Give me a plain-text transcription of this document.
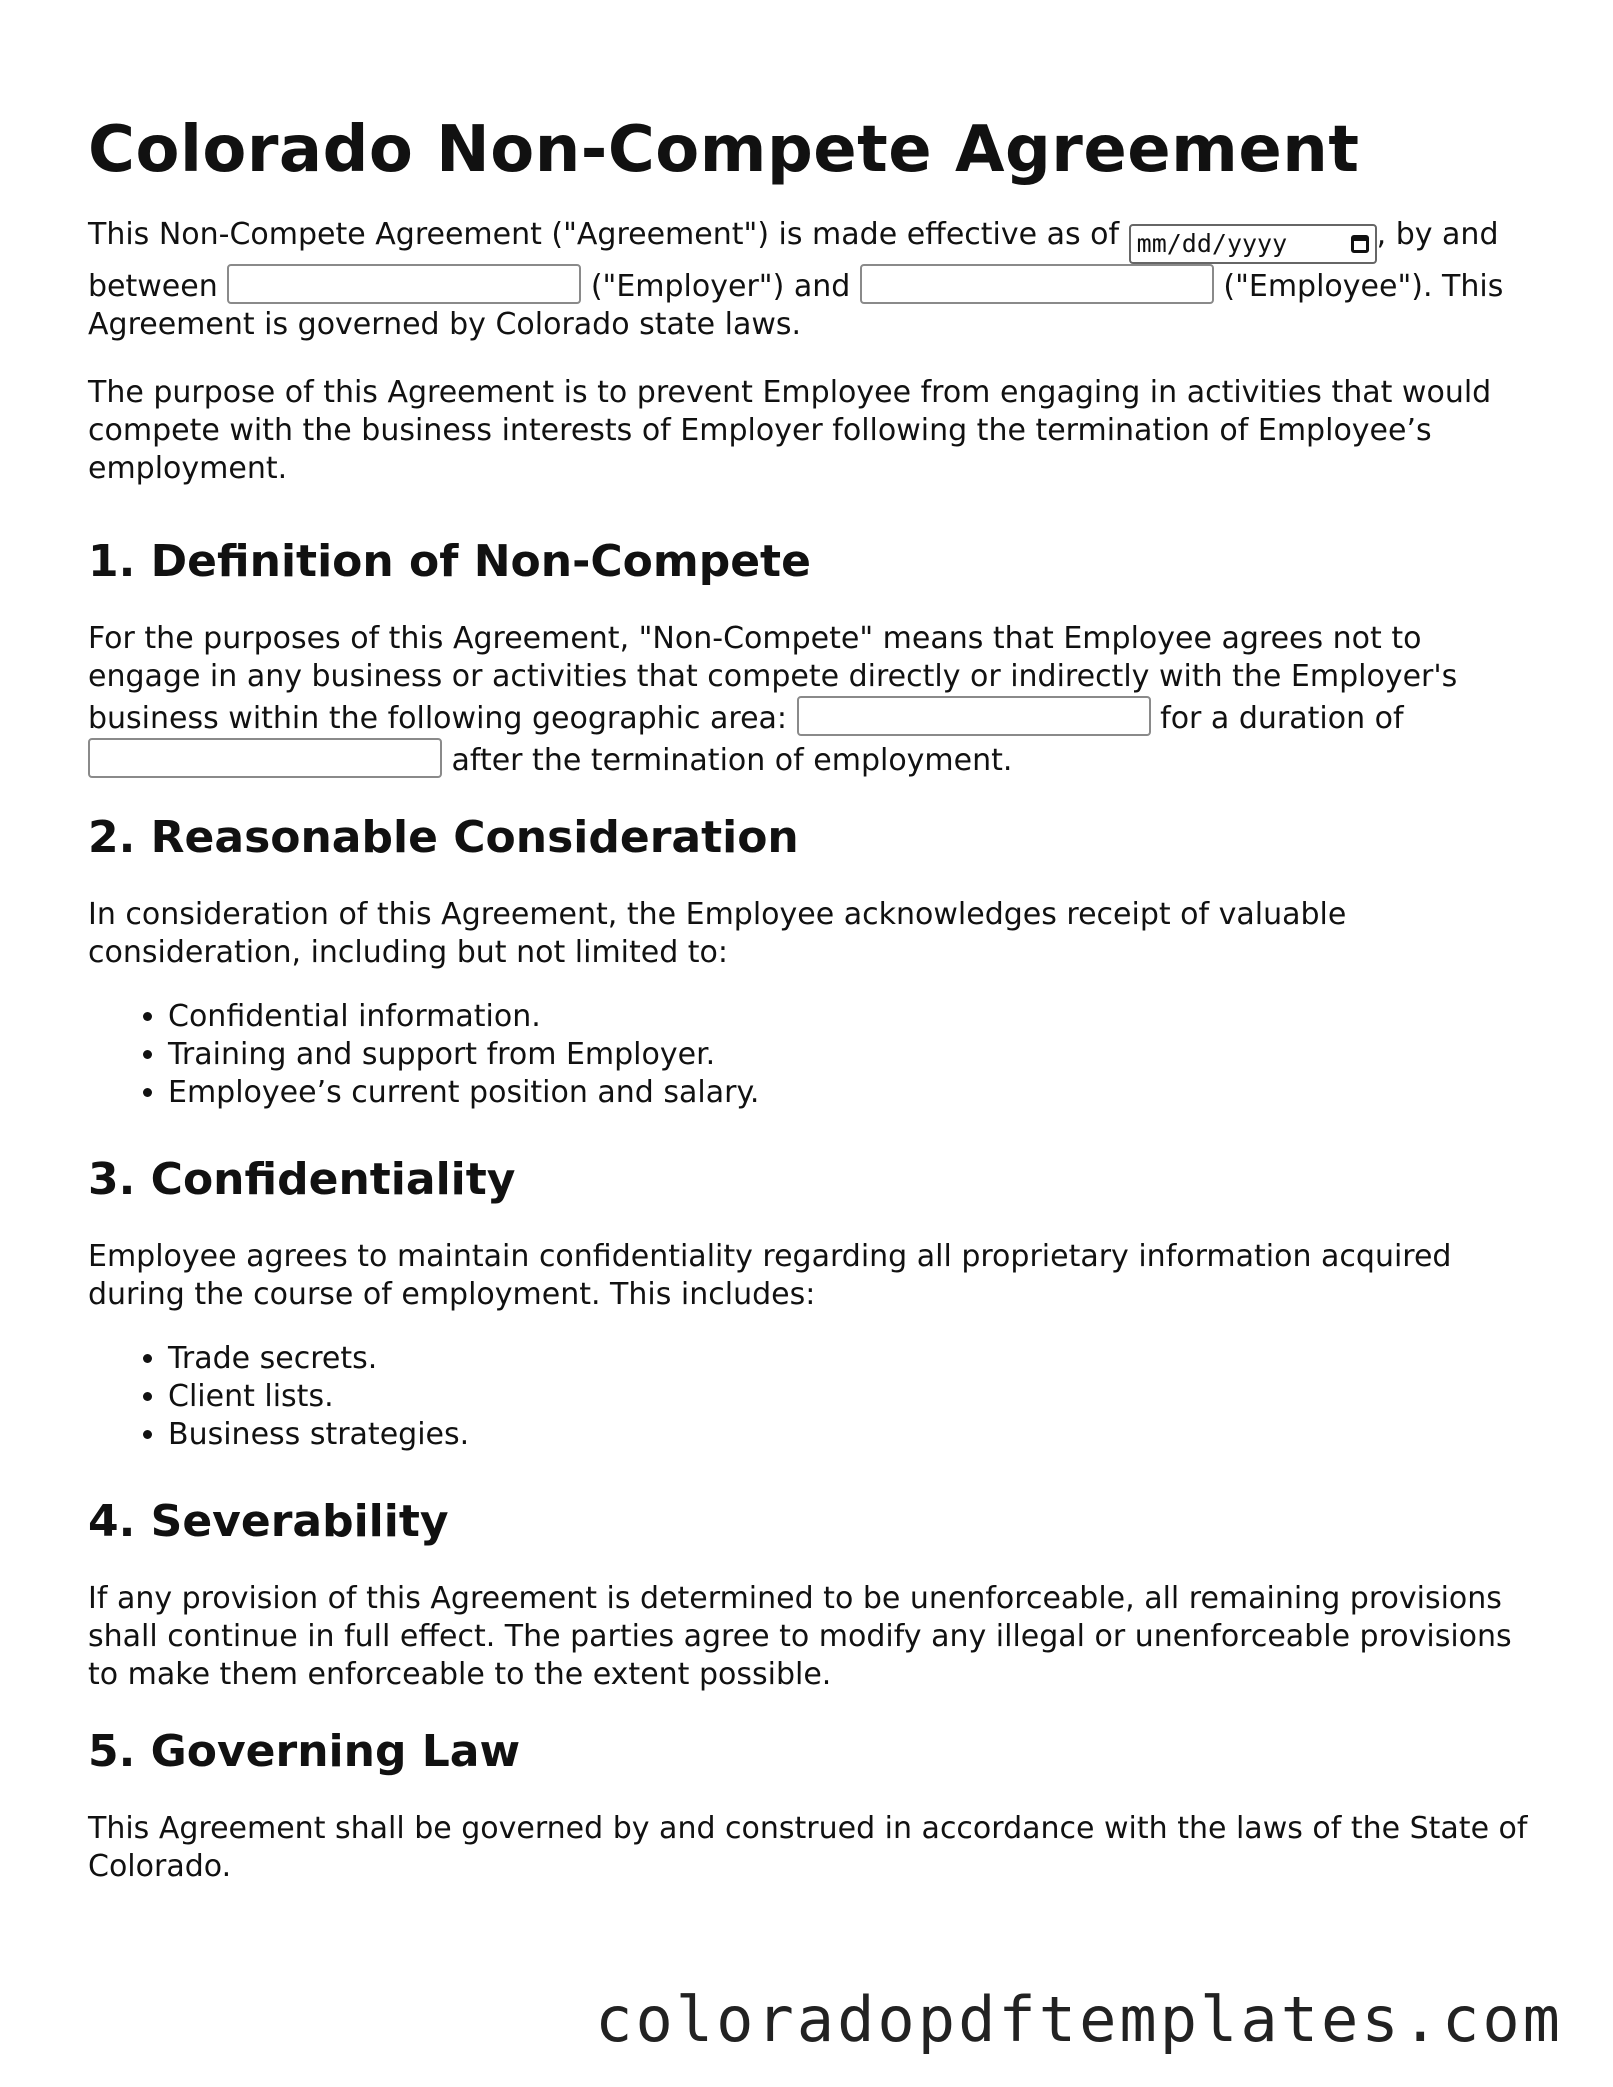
Colorado Non-Compete Agreement

This Non-Compete Agreement ("Agreement") is made effective as of mm/dd/yyyy	, by and between	("Employer") and	("Employee"). This Agreement is governed by Colorado state laws.

The purpose of this Agreement is to prevent Employee from engaging in activities that would compete with the business interests of Employer following the termination of Employee’s employment.

1. Definition of Non-Compete

For the purposes of this Agreement, "Non-Compete" means that Employee agrees not to engage in any business or activities that compete directly or indirectly with the Employer's business within the following geographic area:	for a duration of  after the termination of employment.

2. Reasonable Consideration

In consideration of this Agreement, the Employee acknowledges receipt of valuable consideration, including but not limited to:

• Confidential information.
• Training and support from Employer.
• Employee’s current position and salary.
3. Confidentiality

Employee agrees to maintain confidentiality regarding all proprietary information acquired during the course of employment. This includes:

• Trade secrets.
• Client lists.
• Business strategies.
4. Severability

If any provision of this Agreement is determined to be unenforceable, all remaining provisions shall continue in full effect. The parties agree to modify any illegal or unenforceable provisions to make them enforceable to the extent possible.

5. Governing Law

This Agreement shall be governed by and construed in accordance with the laws of the State of Colorado.

coloradopdftemplates.com
